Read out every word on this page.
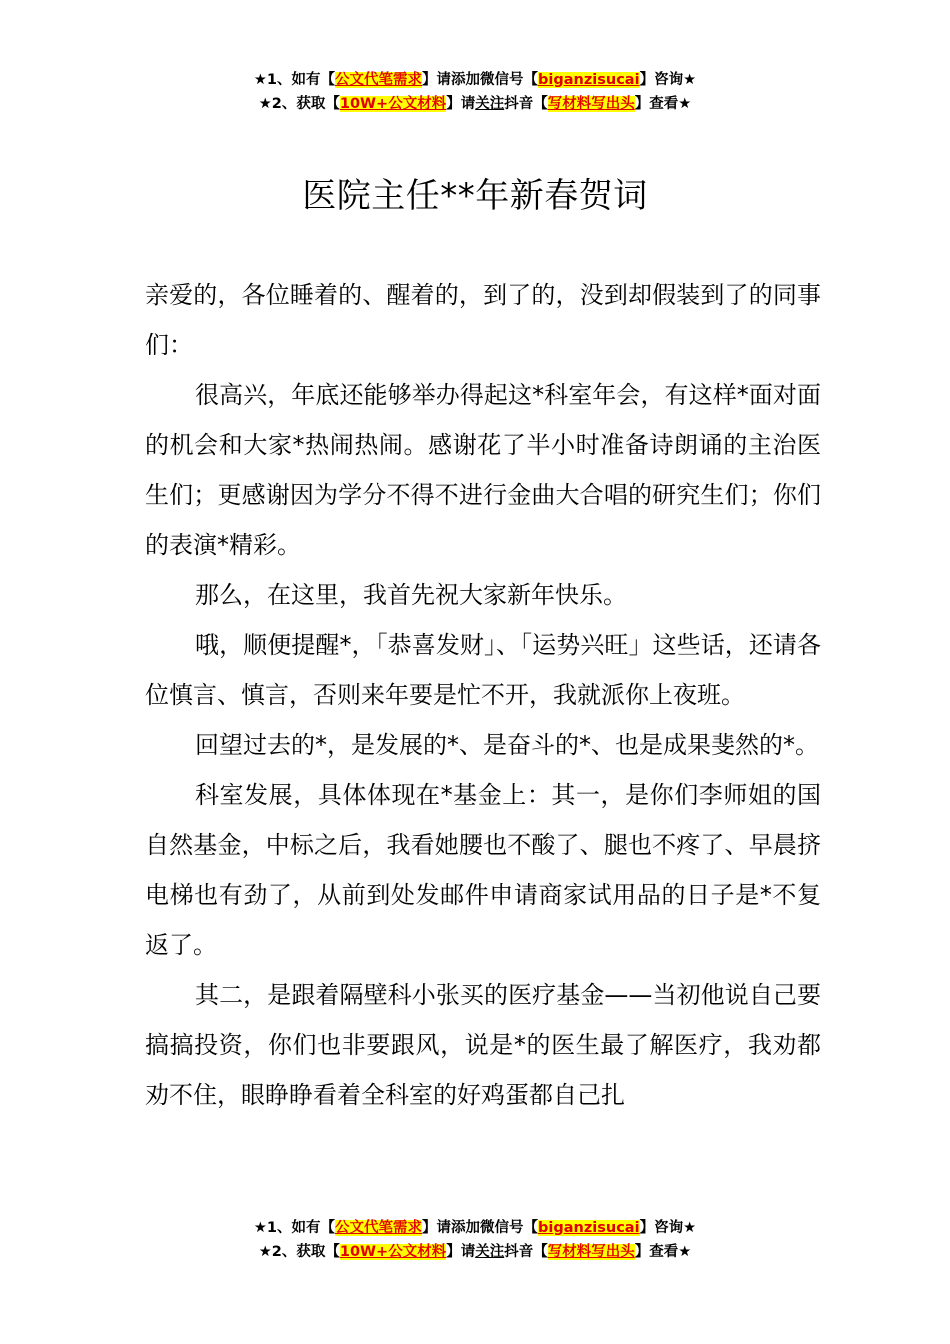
★1、如有【公文代笔需求】请添加微信号【biganzisucai】咨询★
★2、获取【10W+公文材料】请关注抖音【写材料写出头】查看★
医院主任**年新春贺词

亲爱的，各位睡着的、醒着的，到了的，没到却假装到了的同事们：

很高兴，年底还能够举办得起这*科室年会，有这样*面对面的机会和大家*热闹热闹。感谢花了半小时准备诗朗诵的主治医生们；更感谢因为学分不得不进行金曲大合唱的研究生们；你们的表演*精彩。

那么，在这里，我首先祝大家新年快乐。

哦，顺便提醒*，「恭喜发财」、「运势兴旺」这些话，还请各位慎言、慎言，否则来年要是忙不开，我就派你上夜班。

回望过去的*，是发展的*、是奋斗的*、也是成果斐然的*。

科室发展，具体体现在*基金上：其一，是你们李师姐的国自然基金，中标之后，我看她腰也不酸了、腿也不疼了、早晨挤电梯也有劲了，从前到处发邮件申请商家试用品的日子是*不复返了。

其二，是跟着隔壁科小张买的医疗基金——当初他说自己要搞搞投资，你们也非要跟风，说是*的医生最了解医疗，我劝都劝不住，眼睁睁看着全科室的好鸡蛋都自己扎

★1、如有【公文代笔需求】请添加微信号【biganzisucai】咨询★
★2、获取【10W+公文材料】请关注抖音【写材料写出头】查看★
